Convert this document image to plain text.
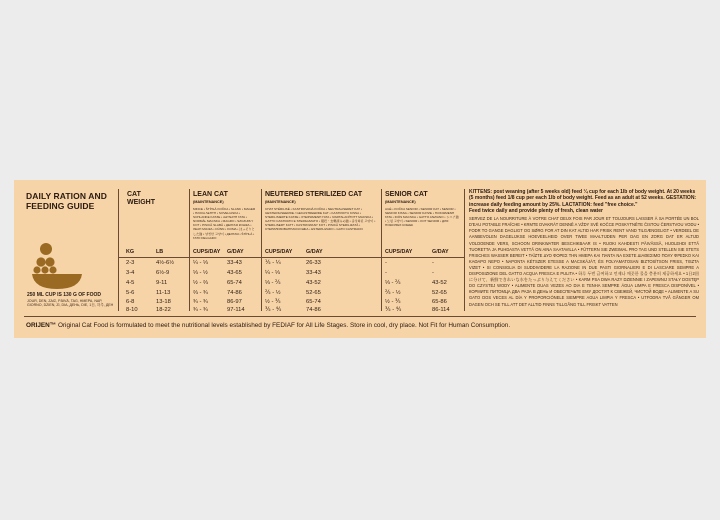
DAILY RATION AND
FEEDING GUIDE
250 ML CUP IS 130 G OF FOOD
JOUR, DEN, ΖΑΙΣ, PÄIVÄ, TAG, ΗΜΕΡΑ, NAP, GIORNO, DZIEN, ZI, DIA, ДЕНЬ, DIE, 1日, 하루, ДЕН
CAT
WEIGHT
KG	LB
LEAN CAT
(MAINTENANCE)
MINCE • ŠTÍHLÁ KOČKA • SLANK • MAGER • HΛΙΚΙΑ ΛΕΠΤΗ • SOVELIASKA • SCHLANKE KATZE • ΑΔΥΝΑΤΗ ΓΑΤΑ • NORMÁL MACSKA • MAGRO • SZCZUPŁY KOT • PISICĂ SLABĂ • ДЕЛГАЯ КОШКА • ЛЕАН МАЧКА • DÜNN • ΣΛΙΜΑ • ほっそりとした猫 • 날씬한 고양이 • ДЕЛГАЯ • ŠTÍHLÁ • ГАТО DELGADO
CUPS/DAY G/DAY
NEUTERED STERILIZED CAT
(MAINTENANCE)
CHAT STÉRILISÉ • KASTROVANÁ KOČKA • NEUTRALISERET KAT • GESTERILISEERDE / GECASTREERDE KAT • KASTROITU KISSA • STERILISIERTE KATZE • ΣΤΕΙΡΩΜΕΝΗ ΓΑΤΑ • IVARTALANÍTOTT MACSKA • GATTO CASTRATO E STERILIZZATO • 避妊・去勢済みの猫 • 중성화된 고양이 • STERILISERT KATT • KASTROWANY KOT • PISICĂ STERILIZATĂ • СТЕРИЛИЗОВАННАЯ КОШКА • ESTERILIZADO • GATO CASTRADO
CUPS/DAY	G/DAY
SENIOR CAT
(MAINTENANCE)
AGÉ • KOČKA SENIOR • SENIOR KAT • SENIOR • SENIOR KISSA • SENIOR KATZE • ΗΛΙΚΙΩΜΕΝΗ ΓΑΤΑ • IDŐS MACSKA • GATTO ANZIANO • シニア猫 • 노령 고양이 • SENIOR • KOT SENIOR • ДЛЯ ПОЖИЛЫХ КОШЕК
CUPS/DAY	G/DAY
2-3	4½-6½	¼ - ⅓	33-43	⅕ - ¼	26-33	-	-
3-4	6½-9	⅓ - ½	43-65	¼ - ⅓	33-43	-	-
4-5	9-11	½ - ⅔	65-74	⅓ - ⅖	43-52	⅓ - ⅖	43-52
5-6	11-13	⅔ - ¾	74-86	⅖ - ½	52-65	⅖ - ½	52-65
6-8	13-18	¾ - ¾	86-97	½ - ⅗	65-74	½ - ⅗	65-86
8-10	18-22	¾ - ¾	97-114	⅗ - ⅘	74-86	⅗ - ⅘	86-114
KITTENS: post weaning (after 5 weeks old) feed ¼ cup for each 1lb of body weight. At 20 weeks (5 months) feed 1/8 cup per each 1lb of body weight. Feed as an adult at 52 weeks. GESTATION: increase daily feeding amount by 25%. LACTATION: feed "free choice."
Feed twice daily and provide plenty of fresh, clean water
SERVEZ DE LA NOURRITURE À VOTRE CHAT DEUX FOIS PAR JOUR ET TOUJOURS LAISSER À SA PORTÉE UN BOL D'EAU POTABLE FRAÎCHE • KRMTE DVAKRÁT DENNĚ A VŽDY SVĚ KOČCE POSKYTNĚTE ČISTOU ČERSTVOU VODU • FODR TO GANGE DAGLIGT OG SØRG FOR AT DIN KAT ALTID HAR FRISK RENT VAND TILGÆNGELIGT • VERDEEL DE AANBEVOLEN DAGELIJKSE HOEVEELHEID OVER TWEE MAALTIJDEN PER DAG EN ZORG DAT ER ALTIJD VOLDOENDE VERS, SCHOON DRINKWATER BESCHIKBAAR IS • RUOKI KAHDESTI PÄIVÄSSÄ, HUOLEHDI ETTÄ TUORETTA JA PUHDASTA VETTÄ ON AINA SAATAVILLA • FÜTTERN SIE ZWEIMAL PRO TAG UND STELLEN SIE STETS FRISCHES WASSER BEREIT • TAÏZTE ΔΥΟ ΦΟΡΕΣ ΤΗΝ ΗΜΕΡΑ ΚΑΙ ΠΑΝΤΑ ΝΑ ΕΧΕΤΕ ΔΙΑΘΕΣΙΜΟ ΠΟΛΥ ΦΡΕΣΚΟ ΚΑΙ ΚΑΘΑΡΟ ΝΕΡΟ • NAPONTA KÉTSZER ETESSE A MACSKÁJÁT, ÉS FOLYAMATOSAN BIZTOSÍTSON FRISS, TISZTA VIZET • SI CONSIGLIA DI SUDDIVIDERE LA RAZIONE IN DUE PASTI GIORNALIERI E DI LASCIARE SEMPRE A DISPOSIZIONE DEL GATTO ACQUA FRESCA E PULITA • 하루 두번 급여하고 언제나 깨끗한 물을 충분히 제공하세요 • 1日2回に分けて、新鮮できれいな水をたっぷり与えてください • KARM PSA DWA RAZY DZIENNIE I ZAPEWNIJ STAŁY DOSTĘP DO CZYSTEJ WODY • ALIMENTE DUAS VEZES AO DIA E TENHA SEMPRE ÁGUA LIMPA E FRESCA DISPONÍVEL • КОРМИТЕ ПИТОМЦА ДВА РАЗА В ДЕНЬ И ОБЕСПЕЧЬТЕ ЕМУ ДОСТУП К СВЕЖЕЙ, ЧИСТОЙ ВОДЕ • ALIMENTE A SU GATO DOS VECES AL DÍA Y PROPORCIÓNELE SIEMPRE AGUA LIMPIA Y FRESCA • UTFODRA TVÅ GÅNGER OM DAGEN OCH SE TILL ATT DET ALLTID FINNS TILLGÅNG TILL FRISKT VATTEN
ORIJEN™ Original Cat Food is formulated to meet the nutritional levels established by FEDIAF for All Life Stages. Store in cool, dry place. Not Fit for Human Consumption.
